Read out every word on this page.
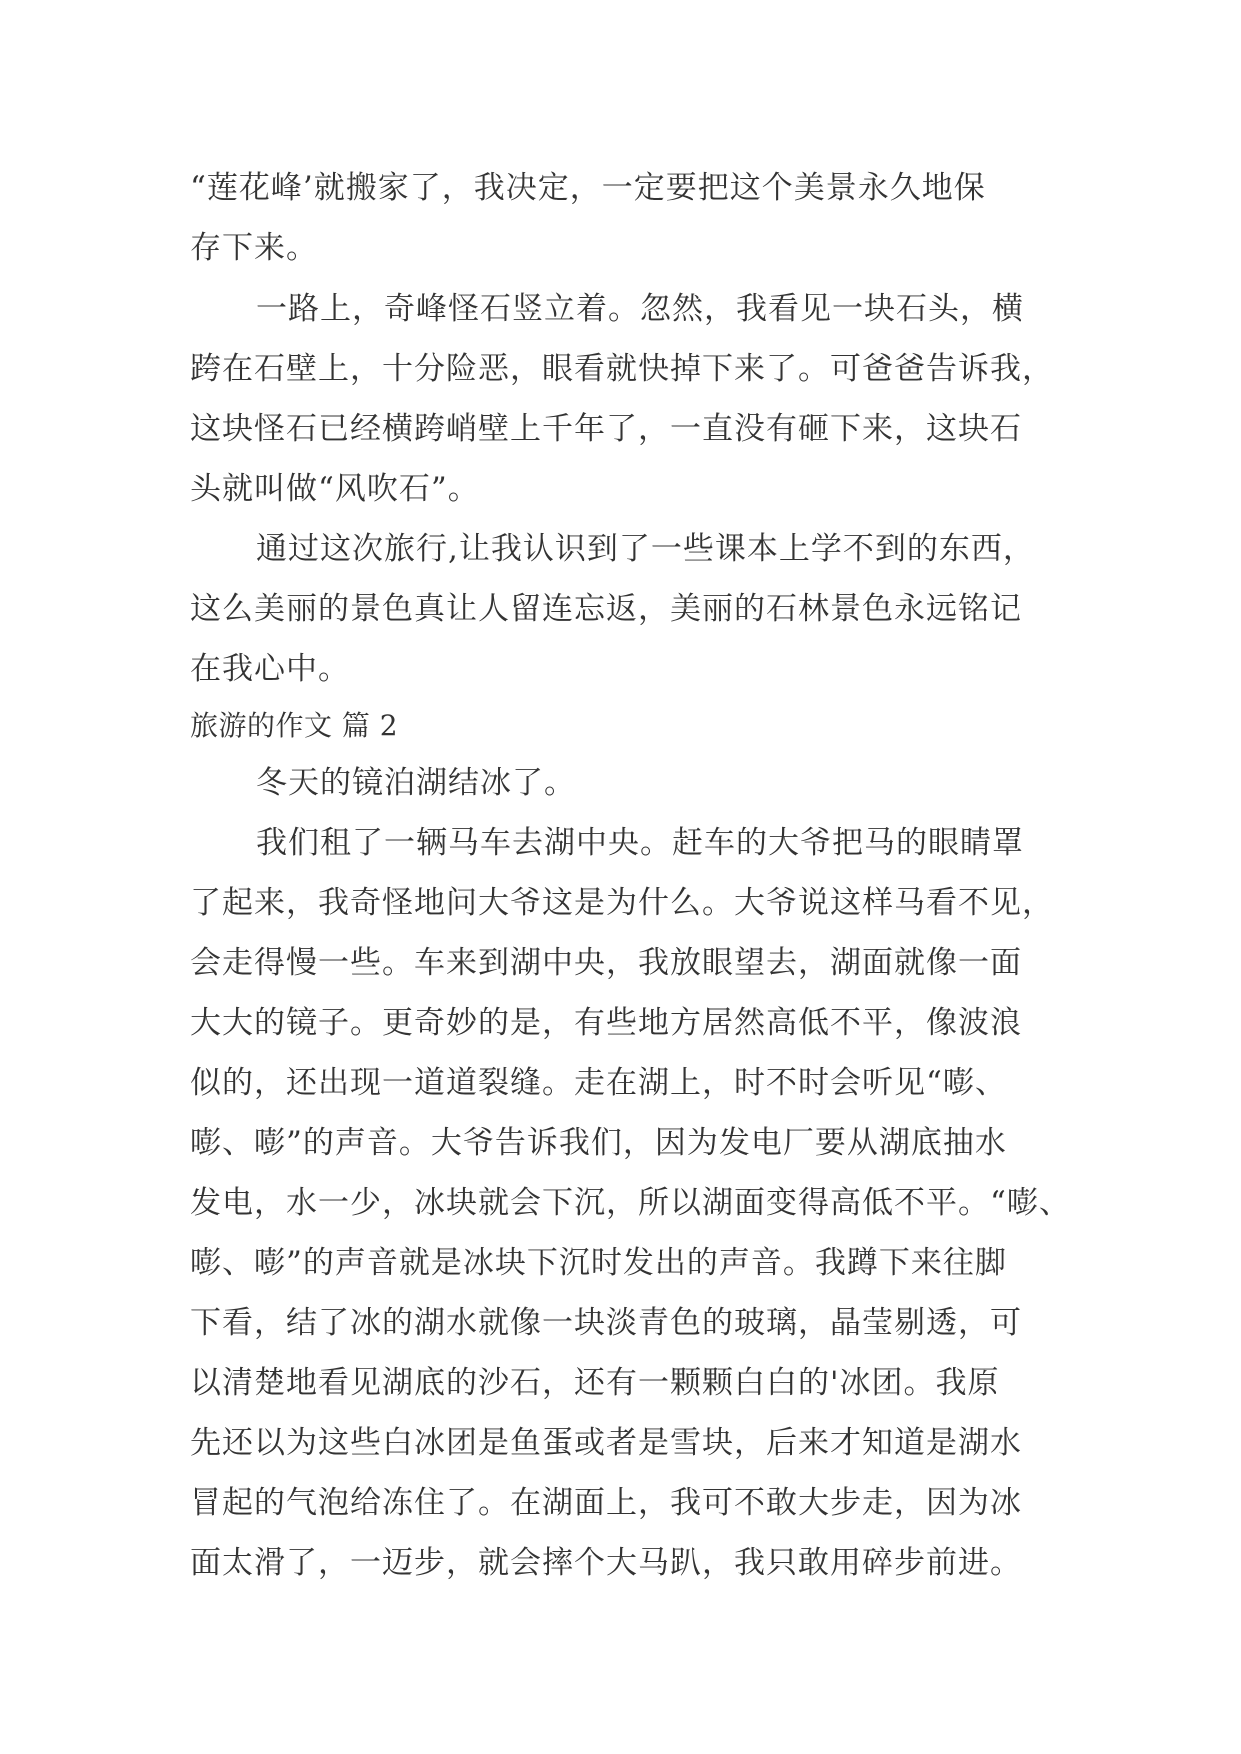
“莲花峰’就搬家了，我决定，一定要把这个美景永久地保
存下来。
一路上，奇峰怪石竖立着。忽然，我看见一块石头，横
跨在石壁上，十分险恶，眼看就快掉下来了。可爸爸告诉我，
这块怪石已经横跨峭壁上千年了，一直没有砸下来，这块石
头就叫做“风吹石”。
通过这次旅行,让我认识到了一些课本上学不到的东西，
这么美丽的景色真让人留连忘返，美丽的石林景色永远铭记
在我心中。
旅游的作文 篇 2
冬天的镜泊湖结冰了。
我们租了一辆马车去湖中央。赶车的大爷把马的眼睛罩
了起来，我奇怪地问大爷这是为什么。大爷说这样马看不见，
会走得慢一些。车来到湖中央，我放眼望去，湖面就像一面
大大的镜子。更奇妙的是，有些地方居然高低不平，像波浪
似的，还出现一道道裂缝。走在湖上，时不时会听见“嘭、
嘭、嘭”的声音。大爷告诉我们，因为发电厂要从湖底抽水
发电，水一少，冰块就会下沉，所以湖面变得高低不平。“嘭、
嘭、嘭”的声音就是冰块下沉时发出的声音。我蹲下来往脚
下看，结了冰的湖水就像一块淡青色的玻璃，晶莹剔透，可
以清楚地看见湖底的沙石，还有一颗颗白白的'冰团。我原
先还以为这些白冰团是鱼蛋或者是雪块，后来才知道是湖水
冒起的气泡给冻住了。在湖面上，我可不敢大步走，因为冰
面太滑了，一迈步，就会摔个大马趴，我只敢用碎步前进。
